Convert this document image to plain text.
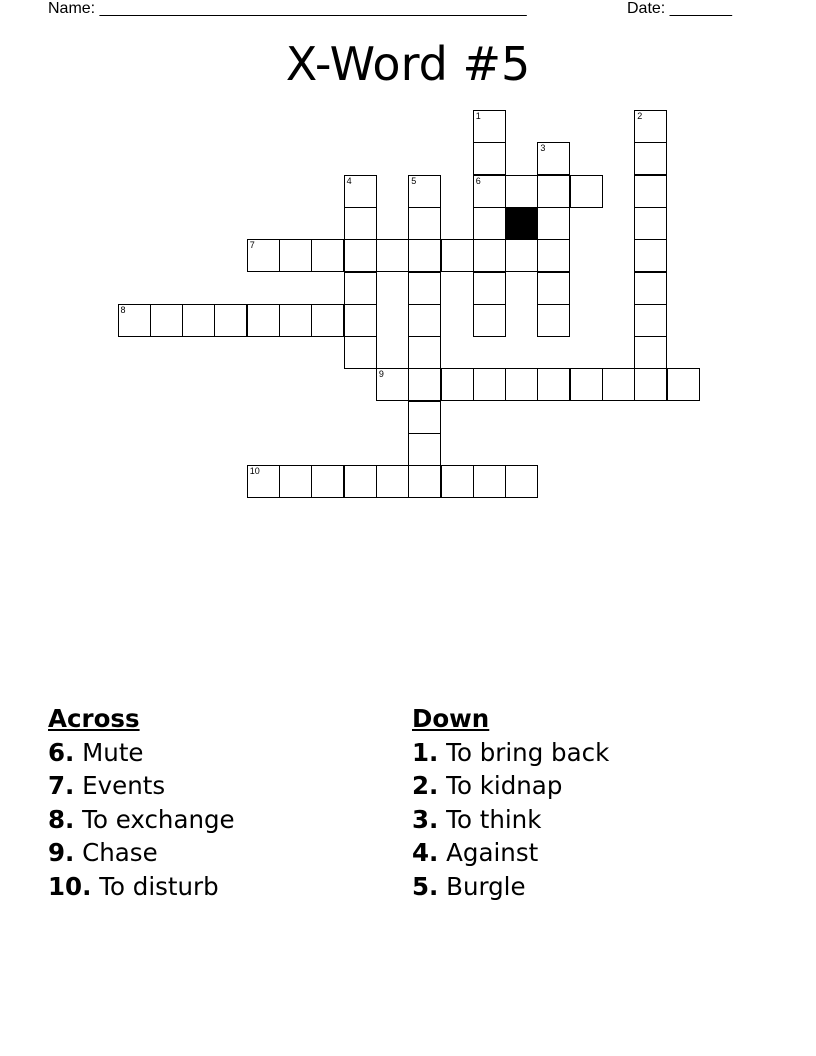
Name: ________________________________________________	Date: _______
X-Word #5
1
6
2
3
4	5
7
8
9
10
Across
6. Mute
7. Events
8. To exchange
9. Chase
10. To disturb
Down
1. To bring back
2. To kidnap
3. To think
4. Against
5. Burgle
